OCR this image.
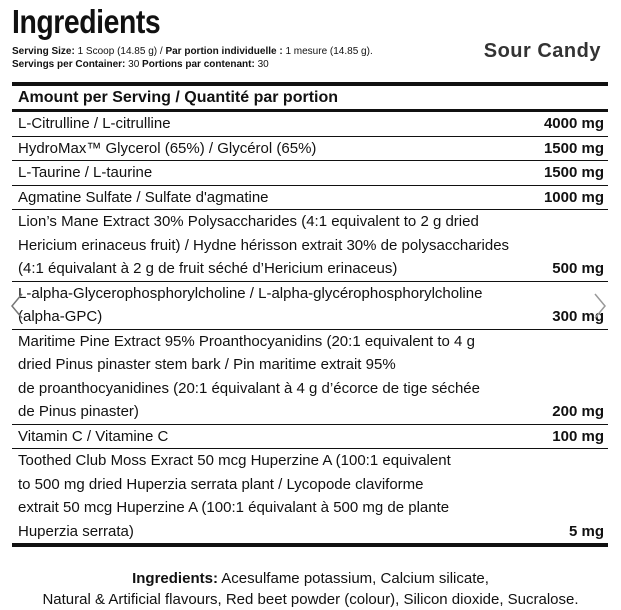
Ingredients
Sour Candy
Serving Size: 1 Scoop (14.85 g) / Par portion individuelle : 1 mesure (14.85 g).
Servings per Container: 30 Portions par contenant: 30
Amount per Serving / Quantité par portion
L-Citrulline / L-citrulline	4000 mg
HydroMax™ Glycerol (65%) / Glycérol (65%)	1500 mg
L-Taurine / L-taurine	1500 mg
Agmatine Sulfate / Sulfate d'agmatine	1000 mg
Lion’s Mane Extract 30% Polysaccharides (4:1 equivalent to 2 g dried
Hericium erinaceus fruit) / Hydne hérisson extrait 30% de polysaccharides
(4:1 équivalant à 2 g de fruit séché d’Hericium erinaceus)	500 mg
L-alpha-Glycerophosphorylcholine / L-alpha-glycérophosphorylcholine
(alpha-GPC)	300 mg
Maritime Pine Extract 95% Proanthocyanidins (20:1 equivalent to 4 g
dried Pinus pinaster stem bark / Pin maritime extrait 95%
de proanthocyanidines (20:1 équivalant à 4 g d’écorce de tige séchée
de Pinus pinaster)	200 mg
Vitamin C / Vitamine C	100 mg
Toothed Club Moss Exract 50 mcg Huperzine A (100:1 equivalent
to 500 mg dried Huperzia serrata plant / Lycopode claviforme
extrait 50 mcg Huperzine A (100:1 équivalant à 500 mg de plante
Huperzia serrata)	5 mg
Ingredients: Acesulfame potassium, Calcium silicate,
Natural & Artificial flavours, Red beet powder (colour), Silicon dioxide, Sucralose.
